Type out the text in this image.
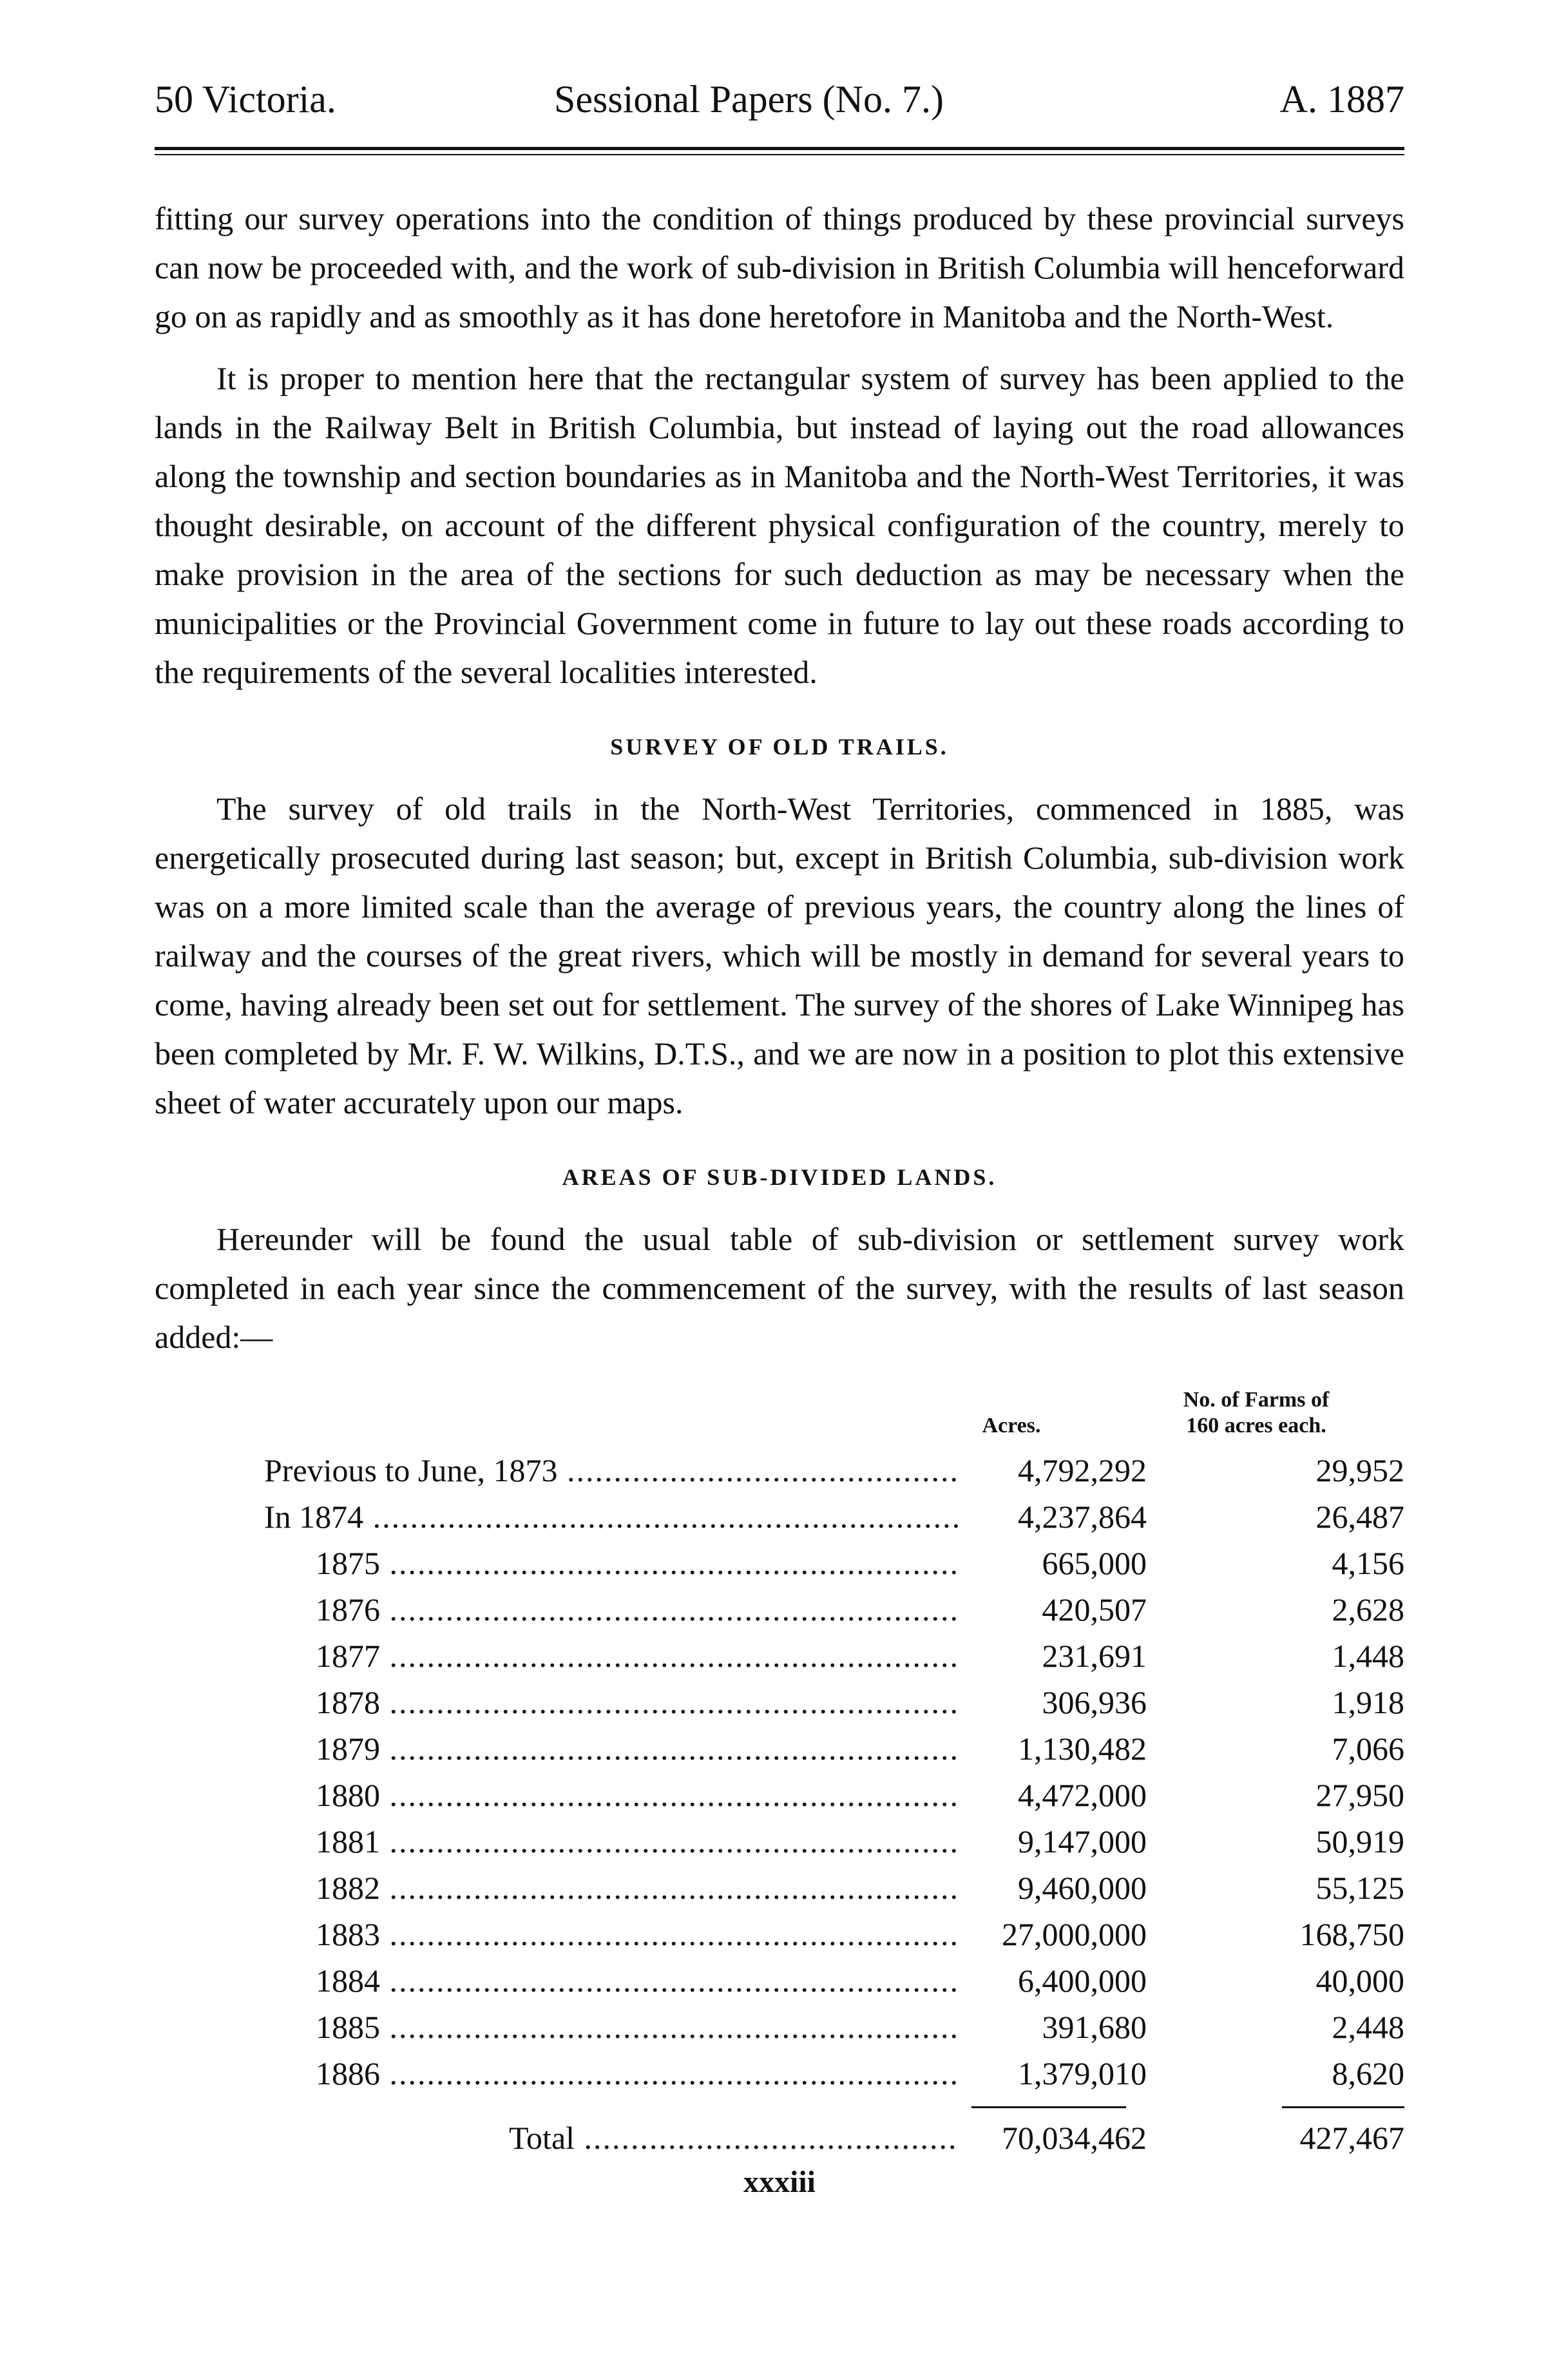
50 Victoria.	Sessional Papers (No. 7.)	A. 1887

fitting our survey operations into the condition of things produced by these provincial surveys can now be proceeded with, and the work of sub-division in British Columbia will henceforward go on as rapidly and as smoothly as it has done heretofore in Manitoba and the North-West.

It is proper to mention here that the rectangular system of survey has been applied to the lands in the Railway Belt in British Columbia, but instead of laying out the road allowances along the township and section boundaries as in Manitoba and the North-West Territories, it was thought desirable, on account of the different physical configuration of the country, merely to make provision in the area of the sections for such deduction as may be necessary when the municipalities or the Provincial Government come in future to lay out these roads according to the requirements of the several localities interested.

SURVEY OF OLD TRAILS.

The survey of old trails in the North-West Territories, commenced in 1885, was energetically prosecuted during last season; but, except in British Columbia, sub-division work was on a more limited scale than the average of previous years, the country along the lines of railway and the courses of the great rivers, which will be mostly in demand for several years to come, having already been set out for settlement. The survey of the shores of Lake Winnipeg has been completed by Mr. F. W. Wilkins, D.T.S., and we are now in a position to plot this extensive sheet of water accurately upon our maps.

AREAS OF SUB-DIVIDED LANDS.

Hereunder will be found the usual table of sub-division or settlement survey work completed in each year since the commencement of the survey, with the results of last season added:—

Acres.
No. of Farms of
160 acres each.
Previous to June, 1873 .....	4,792,292	29,952
In 1874 .....	4,237,864	26,487
1875 .....	665,000	4,156
1876 .....	420,507	2,628
1877 .....	231,691	1,448
1878 .....	306,936	1,918
1879 .....	1,130,482	7,066
1880 .....	4,472,000	27,950
1881 .....	9,147,000	50,919
1882 .....	9,460,000	55,125
1883 .....	27,000,000	168,750
1884 .....	6,400,000	40,000
1885 .....	391,680	2,448
1886 .....	1,379,010	8,620
Total .....	70,034,462	427,467
xxxiii
